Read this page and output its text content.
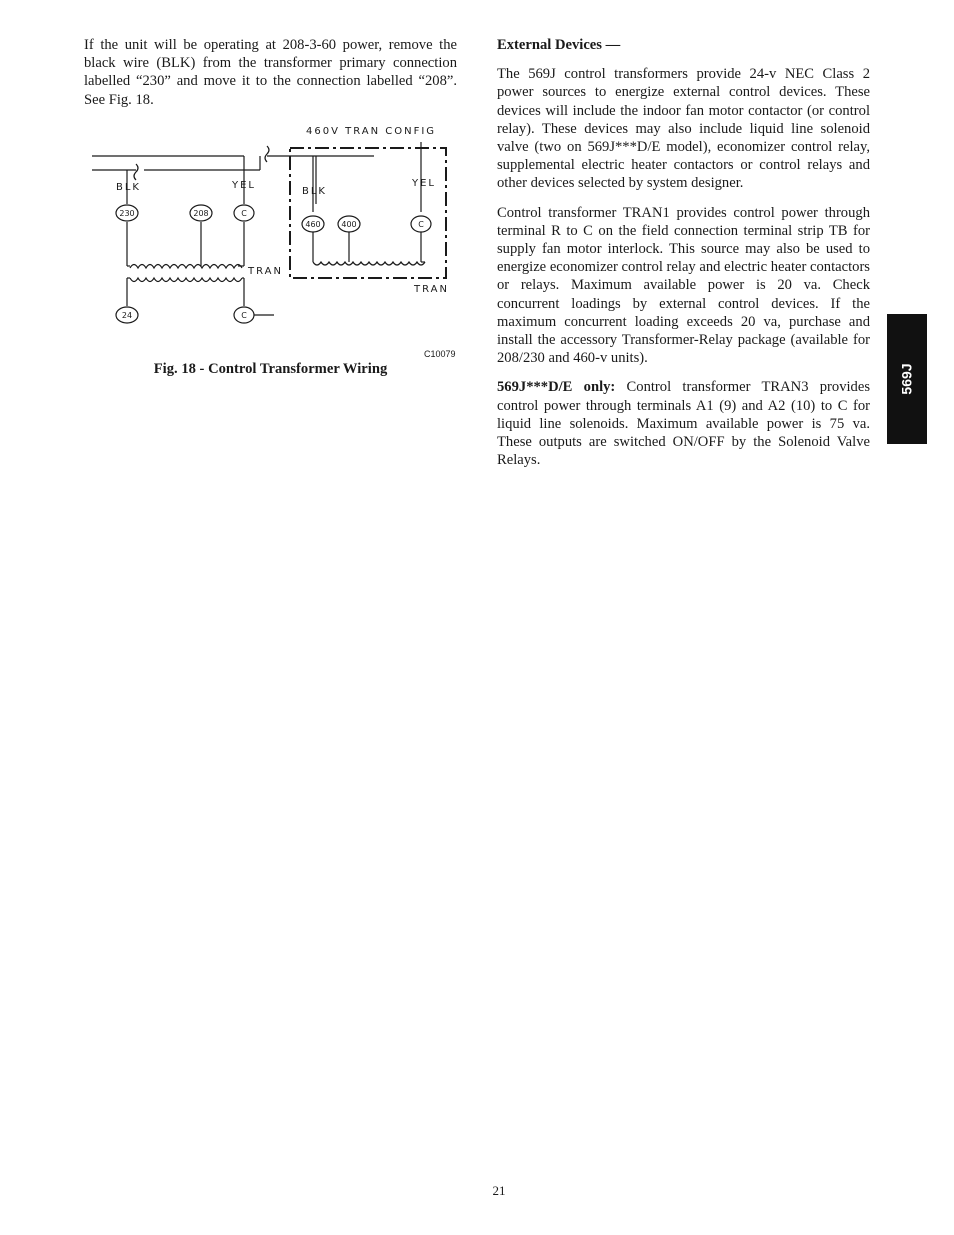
If the unit will be operating at 208-3-60 power, remove the black wire (BLK) from the transformer primary connection labelled “230” and move it to the connection labelled “208”. See Fig. 18.

460V TRAN CONFIG
BLK	YEL
BLK
YEL
230	208	C
24	C
460	400	C
TRAN
TRAN
C10079
Fig. 18 - Control Transformer Wiring
External Devices —

The 569J control transformers provide 24-v NEC Class 2 power sources to energize external control devices. These devices will include the indoor fan motor contactor (or control relay). These devices may also include liquid line solenoid valve (two on 569J***D/E model), economizer control relay, supplemental electric heater contactors or control relays and other devices selected by system designer.

Control transformer TRAN1 provides control power through terminal R to C on the field connection terminal strip TB for supply fan motor interlock. This source may also be used to energize economizer control relay and electric heater contactors or relays. Maximum available power is 20 va. Check concurrent loadings by external control devices. If the maximum concurrent loading exceeds 20 va, purchase and install the accessory Transformer-Relay package (available for 208/230 and 460-v units).

569J***D/E only: Control transformer TRAN3 provides control power through terminals A1 (9) and A2 (10) to C for liquid line solenoids. Maximum available power is 75 va. These outputs are switched ON/OFF by the Solenoid Valve Relays.

569J
21
